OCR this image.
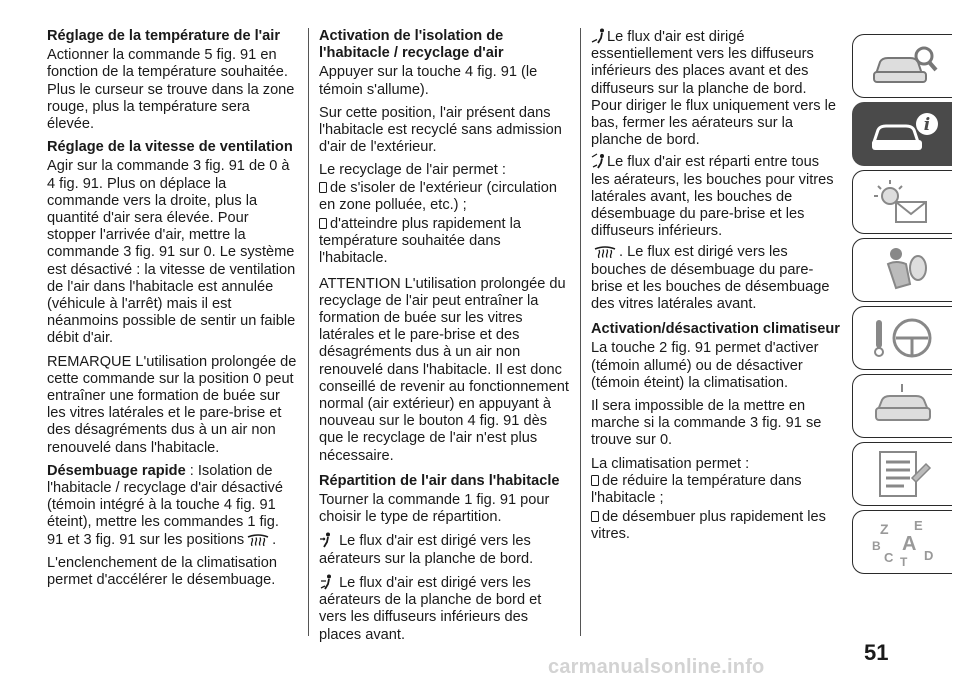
Réglage de la température de l'air

Actionner la commande 5 fig. 91 en fonction de la température souhaitée. Plus le curseur se trouve dans la zone rouge, plus la température sera élevée.

Réglage de la vitesse de ventilation

Agir sur la commande 3 fig. 91 de 0 à 4 fig. 91. Plus on déplace la commande vers la droite, plus la quantité d'air sera élevée. Pour stopper l'arrivée d'air, mettre la commande 3 fig. 91 sur 0. Le système est désactivé : la vitesse de ventilation de l'air dans l'habitacle est annulée (véhicule à l'arrêt) mais il est néanmoins possible de sentir un faible débit d'air.

REMARQUE L'utilisation prolongée de cette commande sur la position 0 peut entraîner une formation de buée sur les vitres latérales et le pare-brise et des désagréments dus à un air non renouvelé dans l'habitacle.

Désembuage rapide : Isolation de l'habitacle / recyclage d'air désactivé (témoin intégré à la touche 4 fig. 91 éteint), mettre les commandes 1 fig. 91 et 3 fig. 91 sur les positions .

L'enclenchement de la climatisation permet d'accélérer le désembuage.

Activation de l'isolation de l'habitacle / recyclage d'air

Appuyer sur la touche 4 fig. 91 (le témoin s'allume).

Sur cette position, l'air présent dans l'habitacle est recyclé sans admission d'air de l'extérieur.

Le recyclage de l'air permet :

de s'isoler de l'extérieur (circulation en zone polluée, etc.) ;

d'atteindre plus rapidement la température souhaitée dans l'habitacle.

ATTENTION L'utilisation prolongée du recyclage de l'air peut entraîner la formation de buée sur les vitres latérales et le pare-brise et des désagréments dus à un air non renouvelé dans l'habitacle. Il est donc conseillé de revenir au fonctionnement normal (air extérieur) en appuyant à nouveau sur le bouton 4 fig. 91 dès que le recyclage de l'air n'est plus nécessaire.

Répartition de l'air dans l'habitacle

Tourner la commande 1 fig. 91 pour choisir le type de répartition.

Le flux d'air est dirigé vers les aérateurs sur la planche de bord.

Le flux d'air est dirigé vers les aérateurs de la planche de bord et vers les diffuseurs inférieurs des places avant.

Le flux d'air est dirigé essentiellement vers les diffuseurs inférieurs des places avant et des diffuseurs sur la planche de bord. Pour diriger le flux uniquement vers le bas, fermer les aérateurs sur la planche de bord.

Le flux d'air est réparti entre tous les aérateurs, les bouches pour vitres latérales avant, les bouches de désembuage du pare-brise et les diffuseurs inférieurs.

. Le flux est dirigé vers les bouches de désembuage du pare-brise et les bouches de désembuage des vitres latérales avant.

Activation/désactivation climatiseur

La touche 2 fig. 91 permet d'activer (témoin allumé) ou de désactiver (témoin éteint) la climatisation.

Il sera impossible de la mettre en marche si la commande 3 fig. 91 se trouve sur 0.

La climatisation permet :

de réduire la température dans l'habitacle ;

de désembuer plus rapidement les vitres.

i
Z E
B A
C T D
51
carmanualsonline.info
